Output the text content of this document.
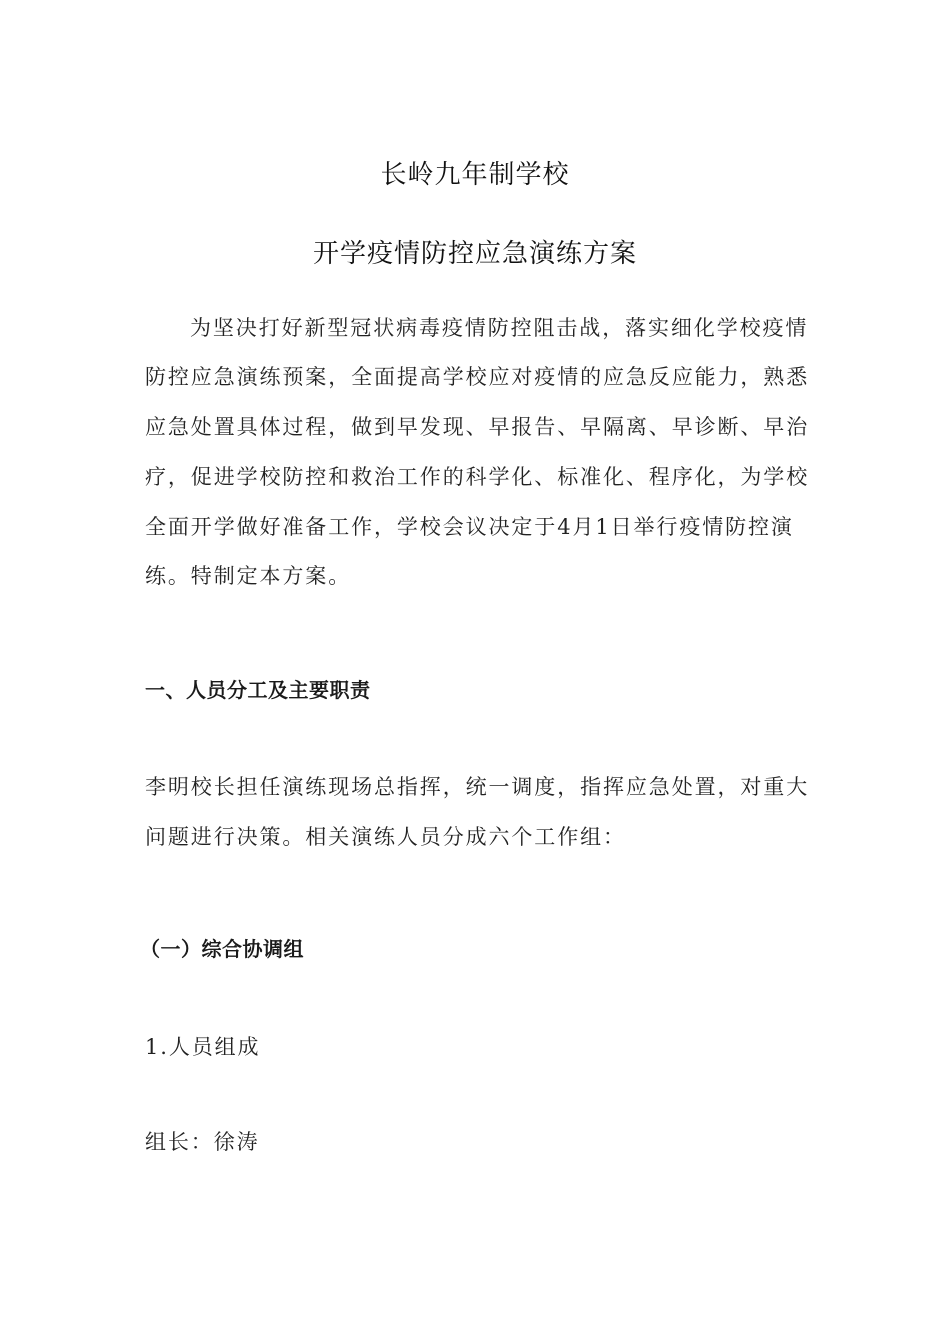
长岭九年制学校
开学疫情防控应急演练方案
为坚决打好新型冠状病毒疫情防控阻击战，落实细化学校疫情
防控应急演练预案，全面提高学校应对疫情的应急反应能力，熟悉
应急处置具体过程，做到早发现、早报告、早隔离、早诊断、早治
疗，促进学校防控和救治工作的科学化、标准化、程序化，为学校
全面开学做好准备工作，学校会议决定于4月1日举行疫情防控演
练。特制定本方案。
一、人员分工及主要职责
李明校长担任演练现场总指挥，统一调度，指挥应急处置，对重大
问题进行决策。相关演练人员分成六个工作组：
（一）综合协调组
1.人员组成
组长：徐涛
